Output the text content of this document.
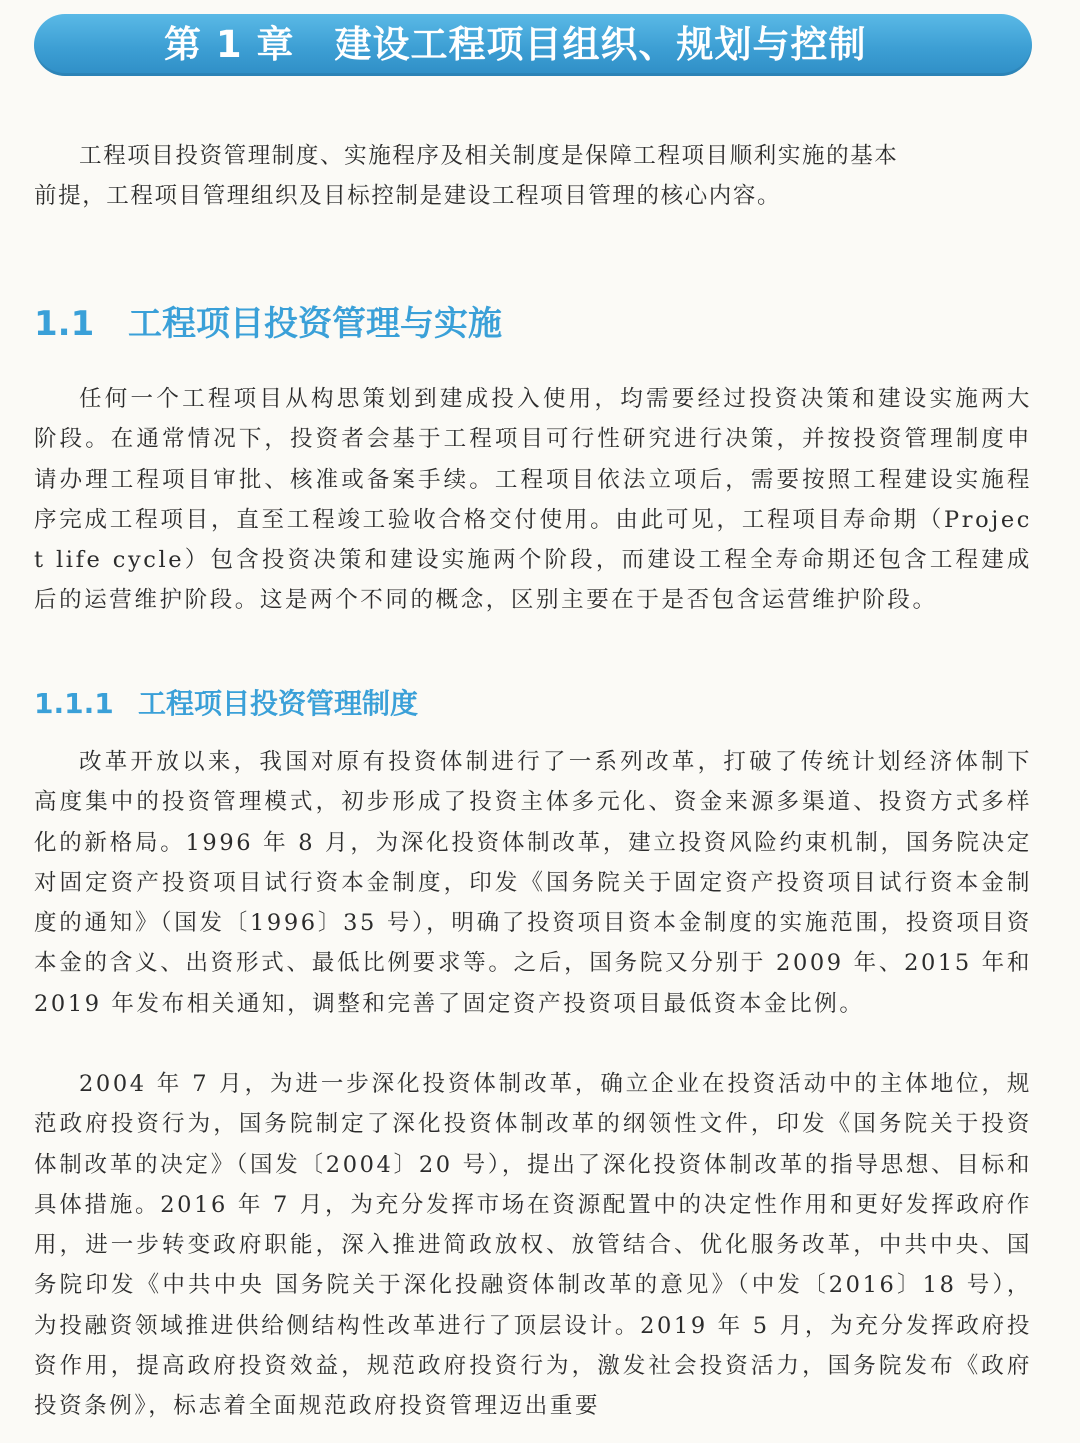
第 1 章 建设工程项目组织、规划与控制

工程项目投资管理制度、实施程序及相关制度是保障工程项目顺利实施的基本前提，工程项目管理组织及目标控制是建设工程项目管理的核心内容。

1.1 工程项目投资管理与实施

任何一个工程项目从构思策划到建成投入使用，均需要经过投资决策和建设实施两大阶段。在通常情况下，投资者会基于工程项目可行性研究进行决策，并按投资管理制度申请办理工程项目审批、核准或备案手续。工程项目依法立项后，需要按照工程建设实施程序完成工程项目，直至工程竣工验收合格交付使用。由此可见，工程项目寿命期（Project life cycle）包含投资决策和建设实施两个阶段，而建设工程全寿命期还包含工程建成后的运营维护阶段。这是两个不同的概念，区别主要在于是否包含运营维护阶段。

1.1.1 工程项目投资管理制度

改革开放以来，我国对原有投资体制进行了一系列改革，打破了传统计划经济体制下高度集中的投资管理模式，初步形成了投资主体多元化、资金来源多渠道、投资方式多样化的新格局。1996 年 8 月，为深化投资体制改革，建立投资风险约束机制，国务院决定对固定资产投资项目试行资本金制度，印发《国务院关于固定资产投资项目试行资本金制度的通知》（国发〔1996〕35 号），明确了投资项目资本金制度的实施范围，投资项目资本金的含义、出资形式、最低比例要求等。之后，国务院又分别于 2009 年、2015 年和 2019 年发布相关通知，调整和完善了固定资产投资项目最低资本金比例。

2004 年 7 月，为进一步深化投资体制改革，确立企业在投资活动中的主体地位，规范政府投资行为，国务院制定了深化投资体制改革的纲领性文件，印发《国务院关于投资体制改革的决定》（国发〔2004〕20 号），提出了深化投资体制改革的指导思想、目标和具体措施。2016 年 7 月，为充分发挥市场在资源配置中的决定性作用和更好发挥政府作用，进一步转变政府职能，深入推进简政放权、放管结合、优化服务改革，中共中央、国务院印发《中共中央 国务院关于深化投融资体制改革的意见》（中发〔2016〕18 号），为投融资领域推进供给侧结构性改革进行了顶层设计。2019 年 5 月，为充分发挥政府投资作用，提高政府投资效益，规范政府投资行为，激发社会投资活力，国务院发布《政府投资条例》，标志着全面规范政府投资管理迈出重要
